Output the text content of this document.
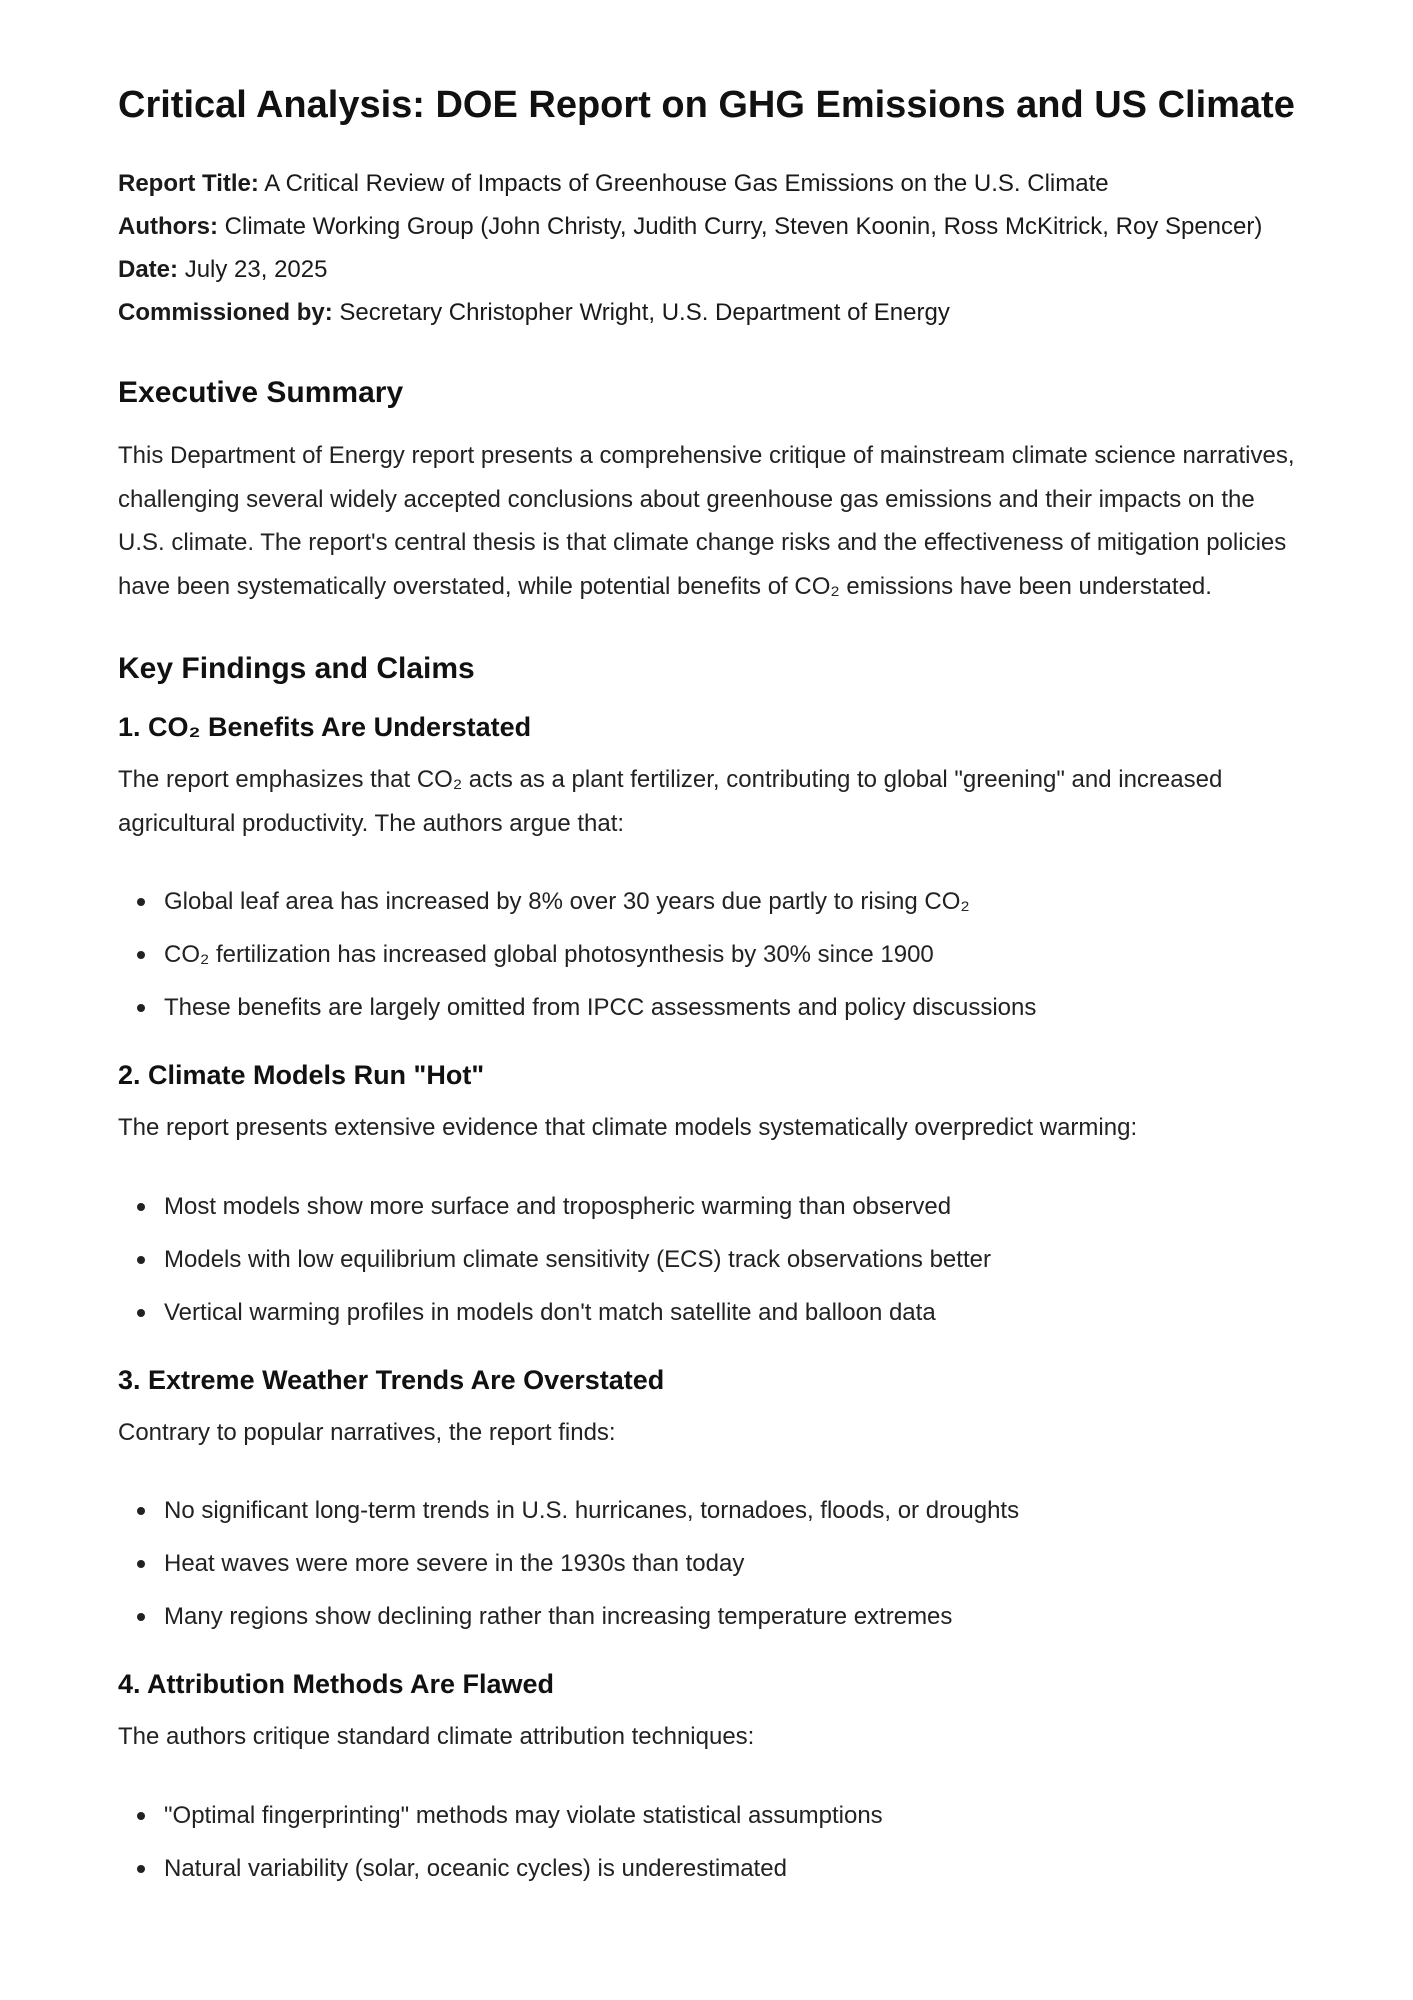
Critical Analysis: DOE Report on GHG Emissions and US Climate

Report Title: A Critical Review of Impacts of Greenhouse Gas Emissions on the U.S. Climate

Authors: Climate Working Group (John Christy, Judith Curry, Steven Koonin, Ross McKitrick, Roy Spencer)

Date: July 23, 2025

Commissioned by: Secretary Christopher Wright, U.S. Department of Energy

Executive Summary

This Department of Energy report presents a comprehensive critique of mainstream climate science narratives, challenging several widely accepted conclusions about greenhouse gas emissions and their impacts on the U.S. climate. The report's central thesis is that climate change risks and the effectiveness of mitigation policies have been systematically overstated, while potential benefits of CO₂ emissions have been understated.

Key Findings and Claims
1. CO₂ Benefits Are Understated

The report emphasizes that CO₂ acts as a plant fertilizer, contributing to global "greening" and increased agricultural productivity. The authors argue that:

Global leaf area has increased by 8% over 30 years due partly to rising CO₂
CO₂ fertilization has increased global photosynthesis by 30% since 1900
These benefits are largely omitted from IPCC assessments and policy discussions
2. Climate Models Run "Hot"

The report presents extensive evidence that climate models systematically overpredict warming:

Most models show more surface and tropospheric warming than observed
Models with low equilibrium climate sensitivity (ECS) track observations better
Vertical warming profiles in models don't match satellite and balloon data
3. Extreme Weather Trends Are Overstated

Contrary to popular narratives, the report finds:

No significant long-term trends in U.S. hurricanes, tornadoes, floods, or droughts
Heat waves were more severe in the 1930s than today
Many regions show declining rather than increasing temperature extremes
4. Attribution Methods Are Flawed

The authors critique standard climate attribution techniques:

"Optimal fingerprinting" methods may violate statistical assumptions
Natural variability (solar, oceanic cycles) is underestimated
